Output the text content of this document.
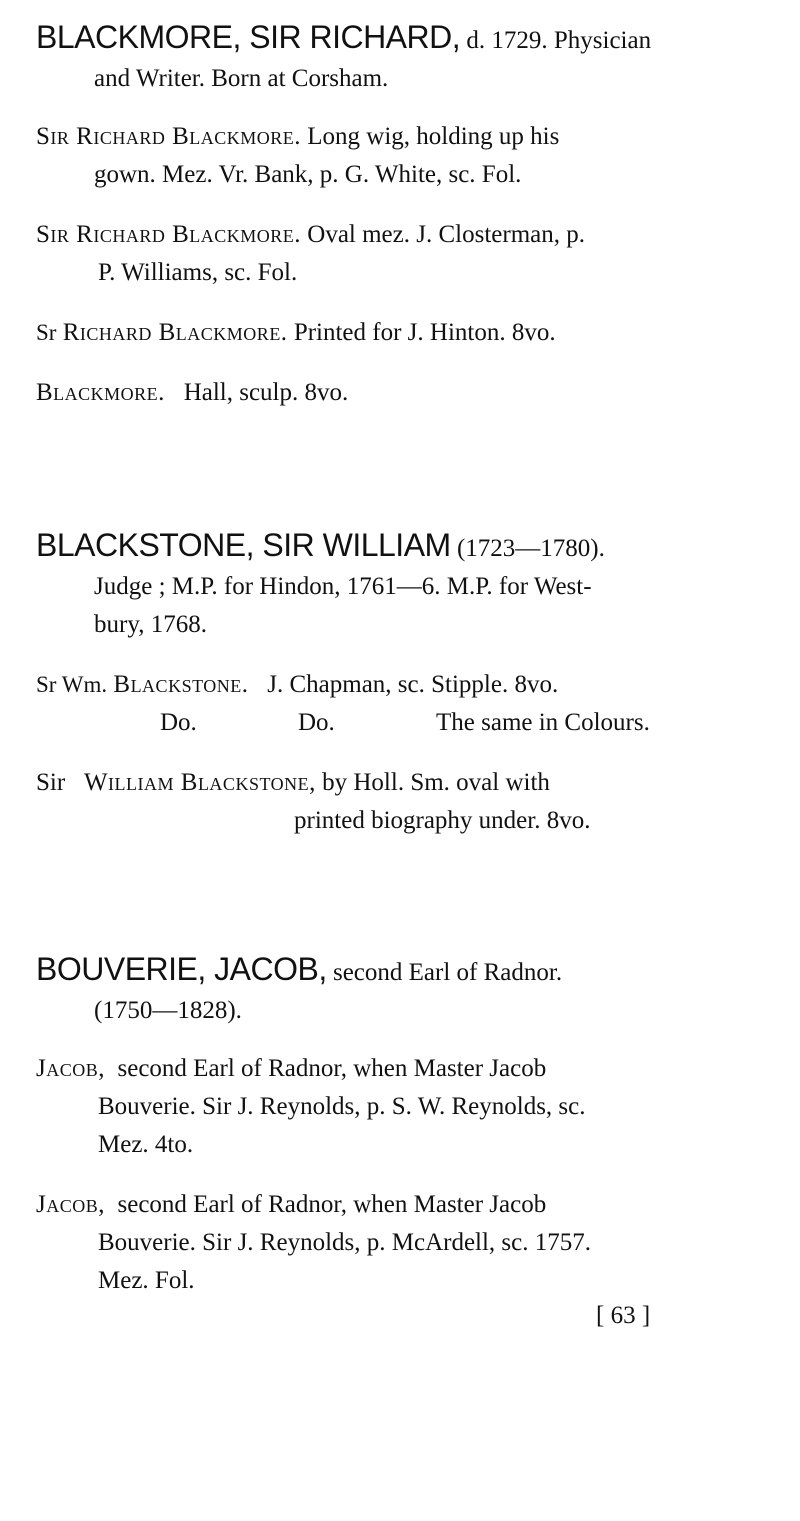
BLACKMORE, SIR RICHARD, d. 1729. Physician
and Writer. Born at Corsham.
Sir Richard Blackmore. Long wig, holding up his
gown. Mez. Vr. Bank, p. G. White, sc. Fol.
Sir Richard Blackmore. Oval mez. J. Closterman, p.
P. Williams, sc. Fol.
Sr Richard Blackmore. Printed for J. Hinton. 8vo.
Blackmore. Hall, sculp. 8vo.
BLACKSTONE, SIR WILLIAM (1723—1780).
Judge ; M.P. for Hindon, 1761—6. M.P. for West-
bury, 1768.
Sr Wm. Blackstone. J. Chapman, sc. Stipple. 8vo.
Do.	Do.	The same in Colours.
Sir William Blackstone, by Holl. Sm. oval with
printed biography under. 8vo.
BOUVERIE, JACOB, second Earl of Radnor.
(1750—1828).
Jacob, second Earl of Radnor, when Master Jacob
Bouverie. Sir J. Reynolds, p. S. W. Reynolds, sc.
Mez. 4to.
Jacob, second Earl of Radnor, when Master Jacob
Bouverie. Sir J. Reynolds, p. McArdell, sc. 1757.
Mez. Fol.
[ 63 ]
